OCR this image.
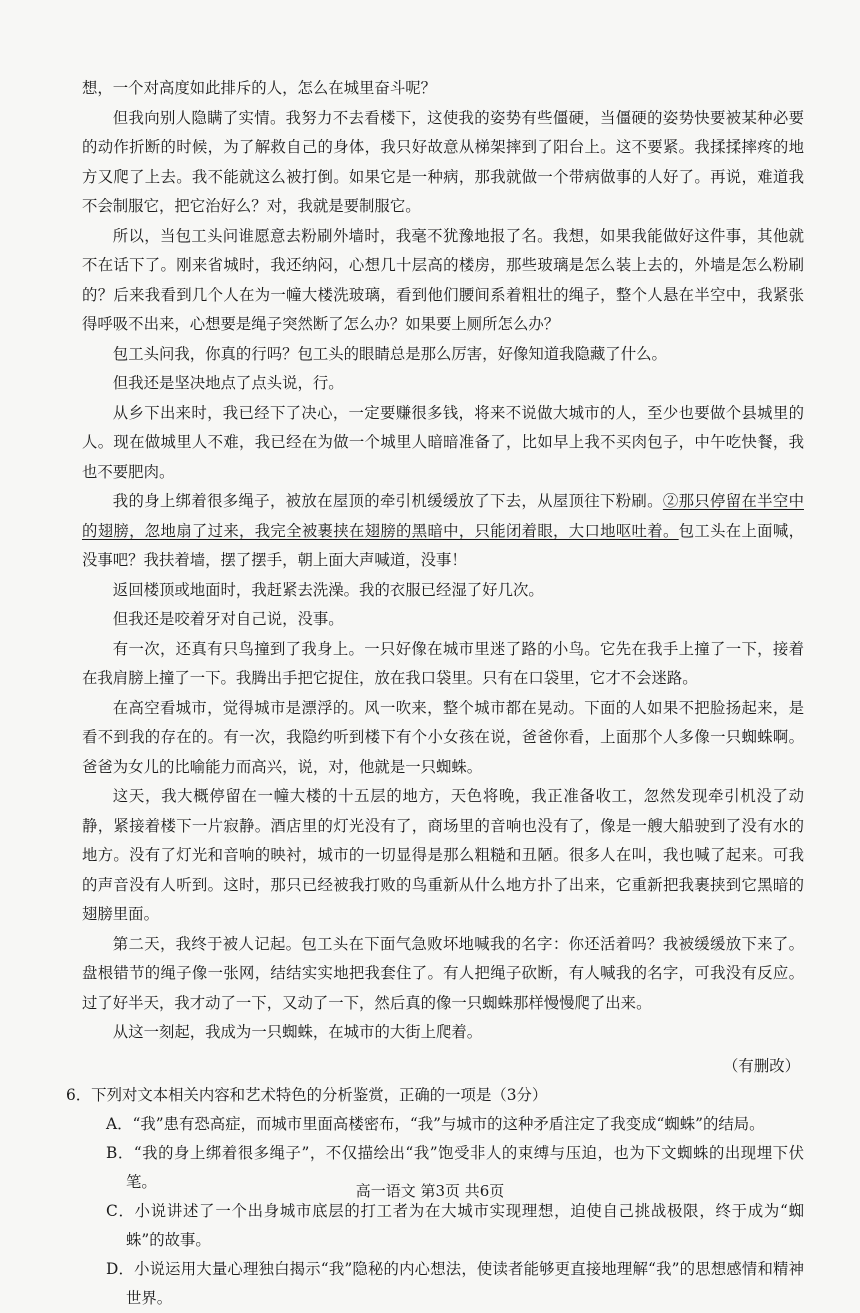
想，一个对高度如此排斥的人，怎么在城里奋斗呢？

但我向别人隐瞒了实情。我努力不去看楼下，这使我的姿势有些僵硬，当僵硬的姿势快要被某种必要的动作折断的时候，为了解救自己的身体，我只好故意从梯架摔到了阳台上。这不要紧。我揉揉摔疼的地方又爬了上去。我不能就这么被打倒。如果它是一种病，那我就做一个带病做事的人好了。再说，难道我不会制服它，把它治好么？对，我就是要制服它。

所以，当包工头问谁愿意去粉刷外墙时，我毫不犹豫地报了名。我想，如果我能做好这件事，其他就不在话下了。刚来省城时，我还纳闷，心想几十层高的楼房，那些玻璃是怎么装上去的，外墙是怎么粉刷的？后来我看到几个人在为一幢大楼洗玻璃，看到他们腰间系着粗壮的绳子，整个人悬在半空中，我紧张得呼吸不出来，心想要是绳子突然断了怎么办？如果要上厕所怎么办？

包工头问我，你真的行吗？包工头的眼睛总是那么厉害，好像知道我隐藏了什么。

但我还是坚决地点了点头说，行。

从乡下出来时，我已经下了决心，一定要赚很多钱，将来不说做大城市的人，至少也要做个县城里的人。现在做城里人不难，我已经在为做一个城里人暗暗准备了，比如早上我不买肉包子，中午吃快餐，我也不要肥肉。

我的身上绑着很多绳子，被放在屋顶的牵引机缓缓放了下去，从屋顶往下粉刷。②那只停留在半空中的翅膀，忽地扇了过来，我完全被裹挟在翅膀的黑暗中，只能闭着眼，大口地呕吐着。包工头在上面喊，没事吧？我扶着墙，摆了摆手，朝上面大声喊道，没事！

返回楼顶或地面时，我赶紧去洗澡。我的衣服已经湿了好几次。

但我还是咬着牙对自己说，没事。

有一次，还真有只鸟撞到了我身上。一只好像在城市里迷了路的小鸟。它先在我手上撞了一下，接着在我肩膀上撞了一下。我腾出手把它捉住，放在我口袋里。只有在口袋里，它才不会迷路。

在高空看城市，觉得城市是漂浮的。风一吹来，整个城市都在晃动。下面的人如果不把脸扬起来，是看不到我的存在的。有一次，我隐约听到楼下有个小女孩在说，爸爸你看，上面那个人多像一只蜘蛛啊。爸爸为女儿的比喻能力而高兴，说，对，他就是一只蜘蛛。

这天，我大概停留在一幢大楼的十五层的地方，天色将晚，我正准备收工，忽然发现牵引机没了动静，紧接着楼下一片寂静。酒店里的灯光没有了，商场里的音响也没有了，像是一艘大船驶到了没有水的地方。没有了灯光和音响的映衬，城市的一切显得是那么粗糙和丑陋。很多人在叫，我也喊了起来。可我的声音没有人听到。这时，那只已经被我打败的鸟重新从什么地方扑了出来，它重新把我裹挟到它黑暗的翅膀里面。

第二天，我终于被人记起。包工头在下面气急败坏地喊我的名字：你还活着吗？我被缓缓放下来了。盘根错节的绳子像一张网，结结实实地把我套住了。有人把绳子砍断，有人喊我的名字，可我没有反应。过了好半天，我才动了一下，又动了一下，然后真的像一只蜘蛛那样慢慢爬了出来。

从这一刻起，我成为一只蜘蛛，在城市的大街上爬着。

（有删改）

6．下列对文本相关内容和艺术特色的分析鉴赏，正确的一项是（3分）

A．“我”患有恐高症，而城市里面高楼密布，“我”与城市的这种矛盾注定了我变成“蜘蛛”的结局。

B．“我的身上绑着很多绳子”，不仅描绘出“我”饱受非人的束缚与压迫，也为下文蜘蛛的出现埋下伏笔。

C．小说讲述了一个出身城市底层的打工者为在大城市实现理想，迫使自己挑战极限，终于成为“蜘蛛”的故事。

D．小说运用大量心理独白揭示“我”隐秘的内心想法，使读者能够更直接地理解“我”的思想感情和精神世界。

高一语文 第3页 共6页
